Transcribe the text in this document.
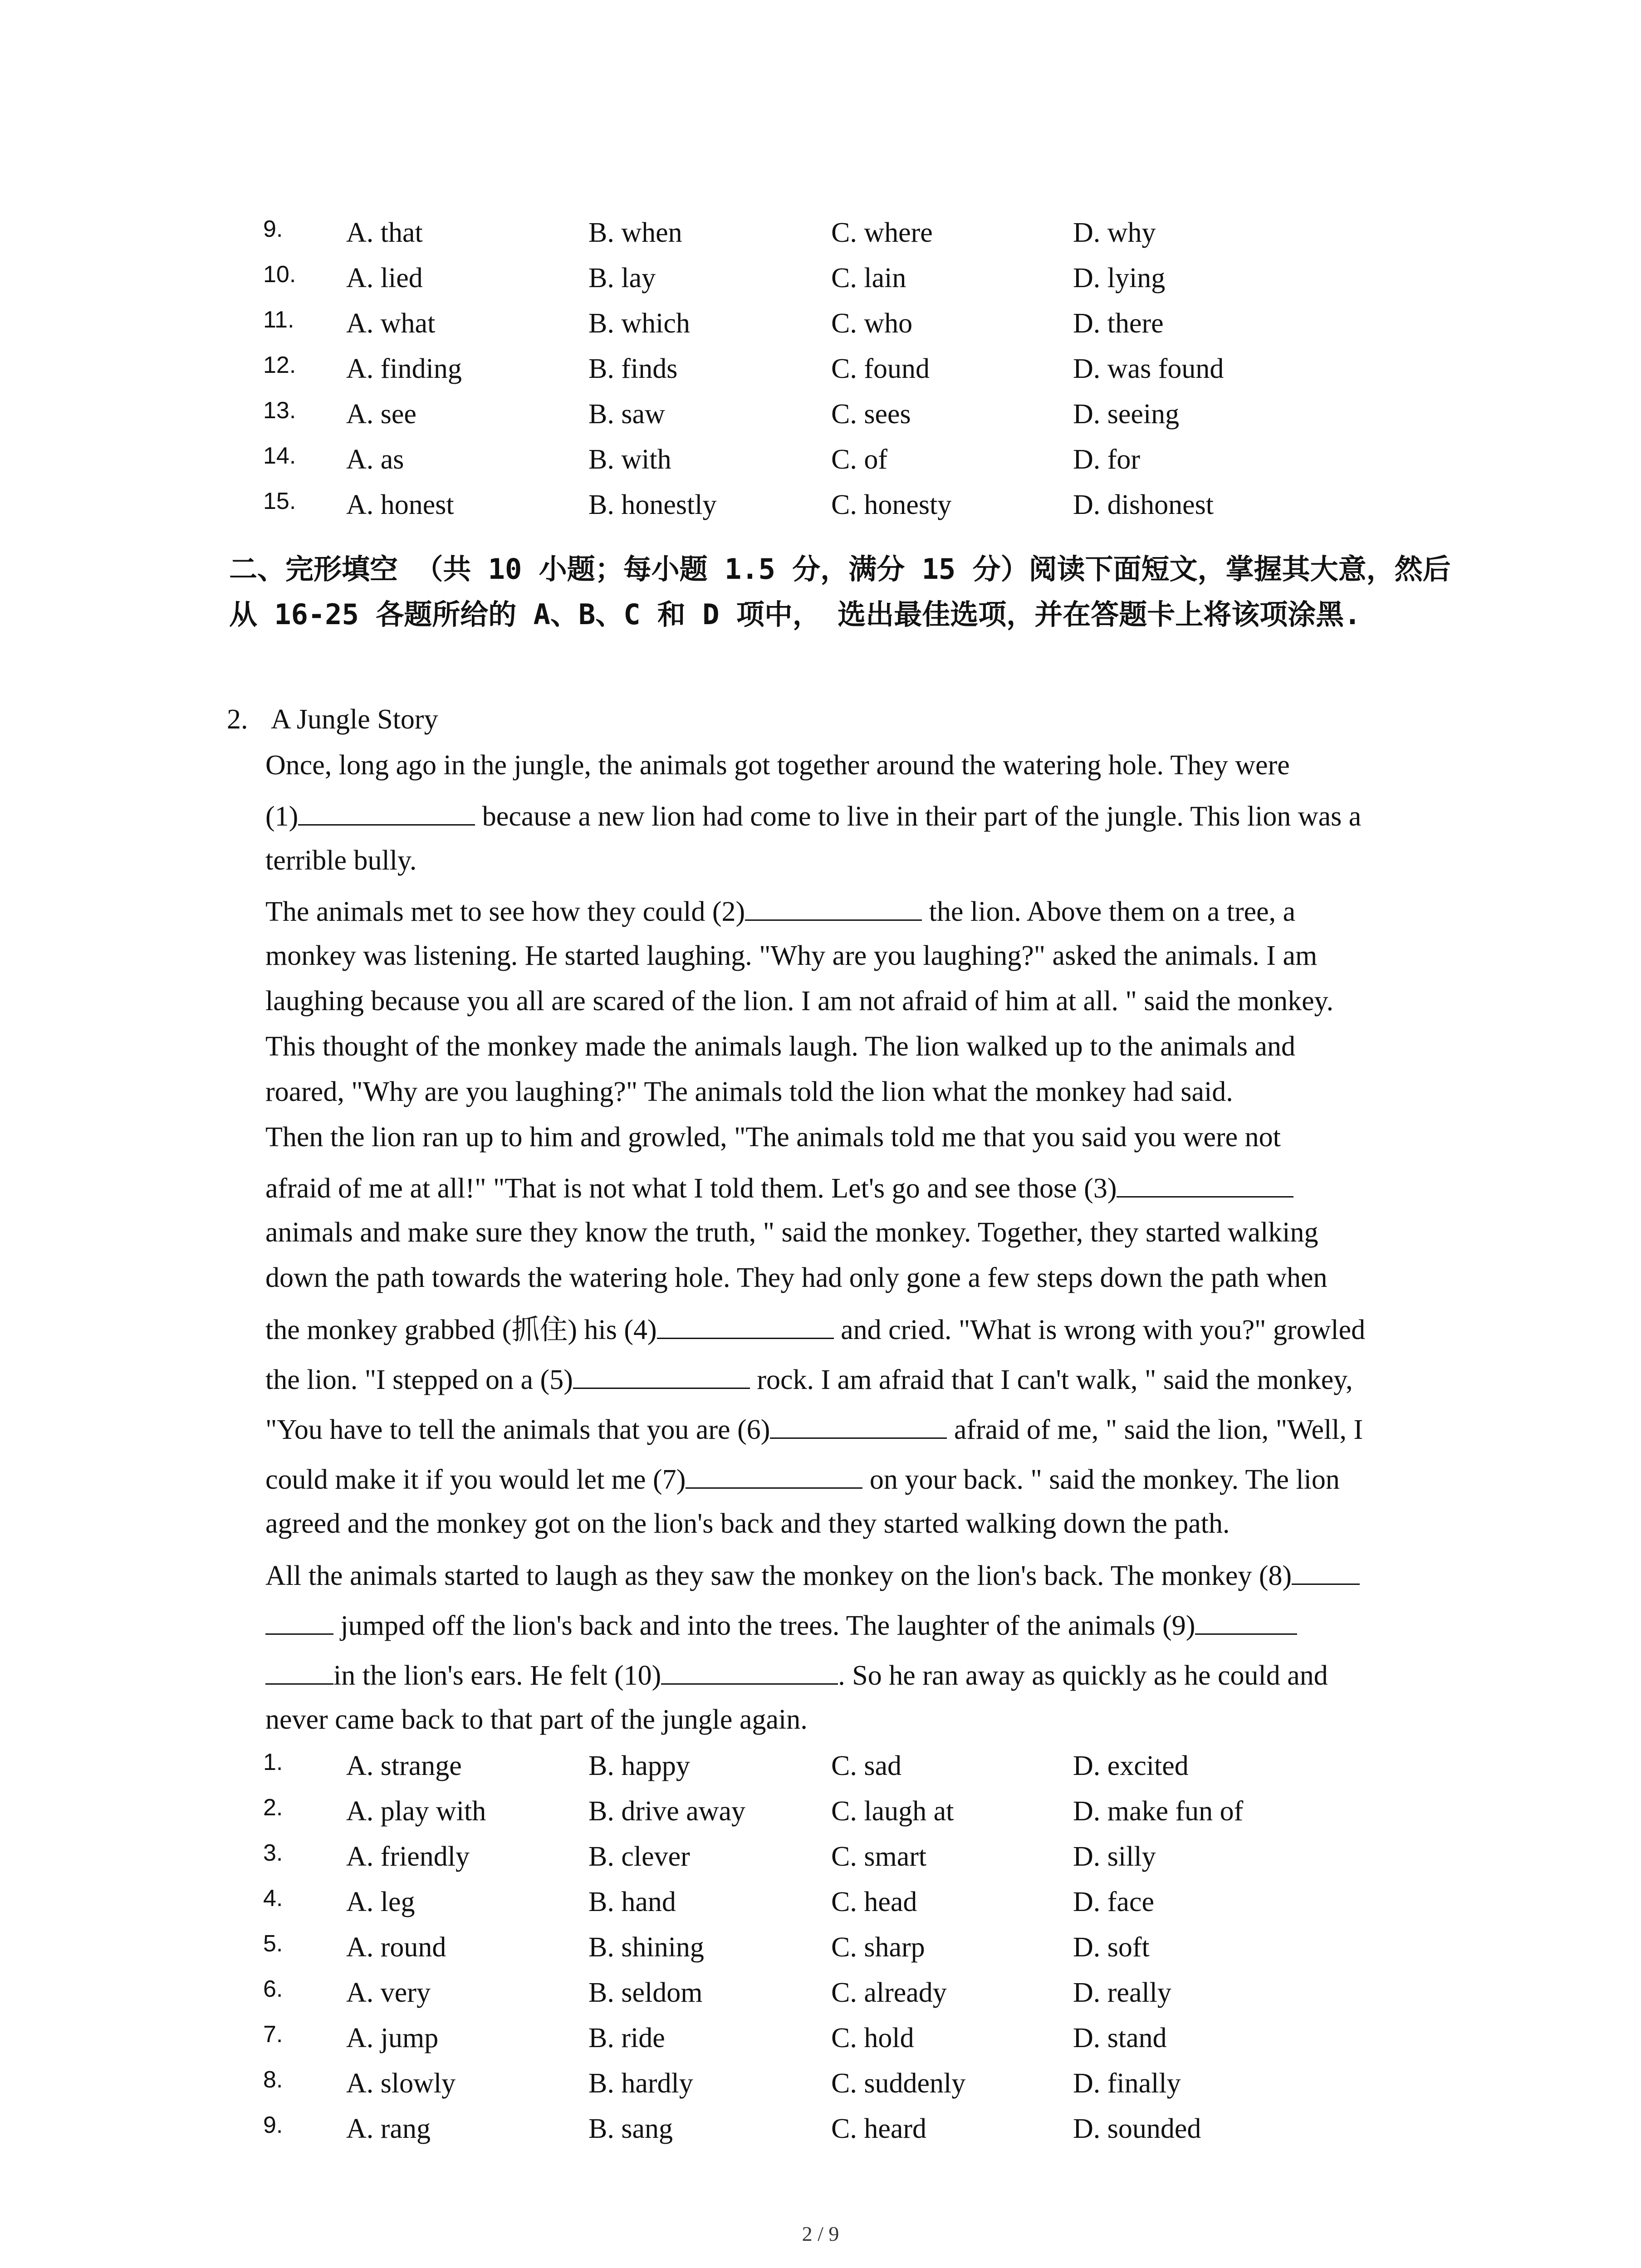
9. A. that	B. when	C. where	D. why
10. A. lied	B. lay	C. lain	D. lying
11. A. what	B. which	C. who	D. there
12. A. finding	B. finds	C. found	D. was found
13. A. see	B. saw	C. sees	D. seeing
14. A. as	B. with	C. of	D. for
15. A. honest	B. honestly	C. honesty	D. dishonest
二、完形填空 （共 10 小题；每小题 1.5 分，满分 15 分）阅读下面短文，掌握其大意，然后从 16-25 各题所给的 A、B、C 和 D 项中， 选出最佳选项，并在答题卡上将该项涂黑.
2. A Jungle Story
Once, long ago in the jungle, the animals got together around the watering hole. They were
(1)	because a new lion had come to live in their part of the jungle. This lion was a
terrible bully.
The animals met to see how they could (2)	the lion. Above them on a tree, a
monkey was listening. He started laughing. "Why are you laughing?" asked the animals. I am
laughing because you all are scared of the lion. I am not afraid of him at all. " said the monkey.
This thought of the monkey made the animals laugh. The lion walked up to the animals and
roared, "Why are you laughing?" The animals told the lion what the monkey had said.
Then the lion ran up to him and growled, "The animals told me that you said you were not
afraid of me at all!" "That is not what I told them. Let's go and see those (3)
animals and make sure they know the truth, " said the monkey. Together, they started walking
down the path towards the watering hole. They had only gone a few steps down the path when
the monkey grabbed (抓住) his (4)	and cried. "What is wrong with you?" growled
the lion. "I stepped on a (5)	rock. I am afraid that I can't walk, " said the monkey,
"You have to tell the animals that you are (6)	afraid of me, " said the lion, "Well, I
could make it if you would let me (7)	on your back. " said the monkey. The lion
agreed and the monkey got on the lion's back and they started walking down the path.
All the animals started to laugh as they saw the monkey on the lion's back. The monkey (8)
jumped off the lion's back and into the trees. The laughter of the animals (9)
in the lion's ears. He felt (10)	. So he ran away as quickly as he could and
never came back to that part of the jungle again.
1. A. strange	B. happy	C. sad	D. excited
2. A. play with	B. drive away	C. laugh at	D. make fun of
3. A. friendly	B. clever	C. smart	D. silly
4. A. leg	B. hand	C. head	D. face
5. A. round	B. shining	C. sharp	D. soft
6. A. very	B. seldom	C. already	D. really
7. A. jump	B. ride	C. hold	D. stand
8. A. slowly	B. hardly	C. suddenly	D. finally
9. A. rang	B. sang	C. heard	D. sounded
2 / 9
